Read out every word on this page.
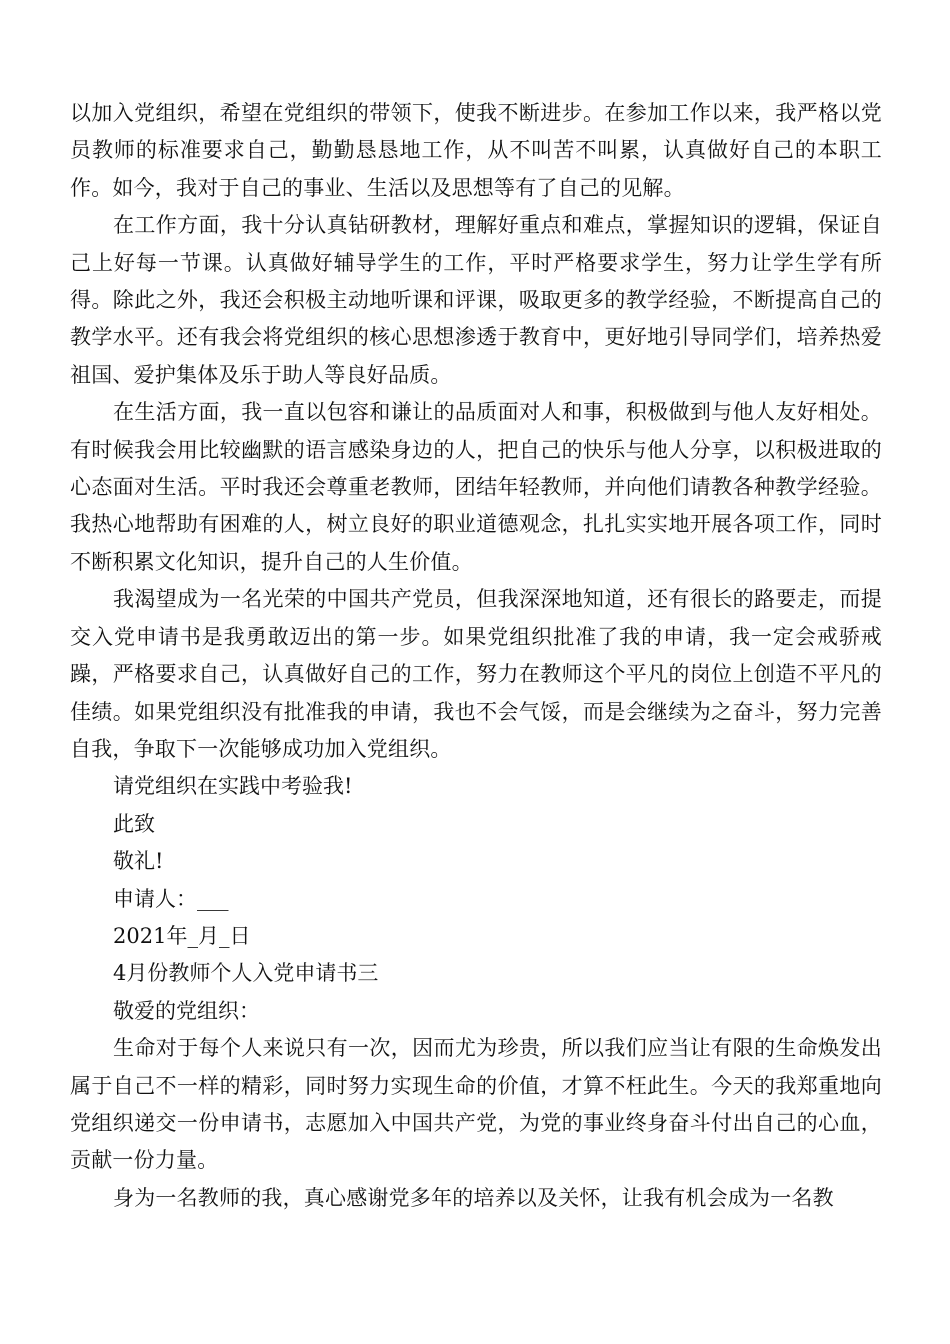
以加入党组织，希望在党组织的带领下，使我不断进步。在参加工作以来，我严格以党员教师的标准要求自己，勤勤恳恳地工作，从不叫苦不叫累，认真做好自己的本职工作。如今，我对于自己的事业、生活以及思想等有了自己的见解。

在工作方面，我十分认真钻研教材，理解好重点和难点，掌握知识的逻辑，保证自己上好每一节课。认真做好辅导学生的工作，平时严格要求学生，努力让学生学有所得。除此之外，我还会积极主动地听课和评课，吸取更多的教学经验，不断提高自己的教学水平。还有我会将党组织的核心思想渗透于教育中，更好地引导同学们，培养热爱祖国、爱护集体及乐于助人等良好品质。

在生活方面，我一直以包容和谦让的品质面对人和事，积极做到与他人友好相处。有时候我会用比较幽默的语言感染身边的人，把自己的快乐与他人分享，以积极进取的心态面对生活。平时我还会尊重老教师，团结年轻教师，并向他们请教各种教学经验。我热心地帮助有困难的人，树立良好的职业道德观念，扎扎实实地开展各项工作，同时不断积累文化知识，提升自己的人生价值。

我渴望成为一名光荣的中国共产党员，但我深深地知道，还有很长的路要走，而提交入党申请书是我勇敢迈出的第一步。如果党组织批准了我的申请，我一定会戒骄戒躁，严格要求自己，认真做好自己的工作，努力在教师这个平凡的岗位上创造不平凡的佳绩。如果党组织没有批准我的申请，我也不会气馁，而是会继续为之奋斗，努力完善自我，争取下一次能够成功加入党组织。

请党组织在实践中考验我!

此致

敬礼!

申请人：___

2021年_月_日

4月份教师个人入党申请书三

敬爱的党组织：

生命对于每个人来说只有一次，因而尤为珍贵，所以我们应当让有限的生命焕发出属于自己不一样的精彩，同时努力实现生命的价值，才算不枉此生。今天的我郑重地向党组织递交一份申请书，志愿加入中国共产党，为党的事业终身奋斗付出自己的心血，贡献一份力量。

身为一名教师的我，真心感谢党多年的培养以及关怀，让我有机会成为一名教
